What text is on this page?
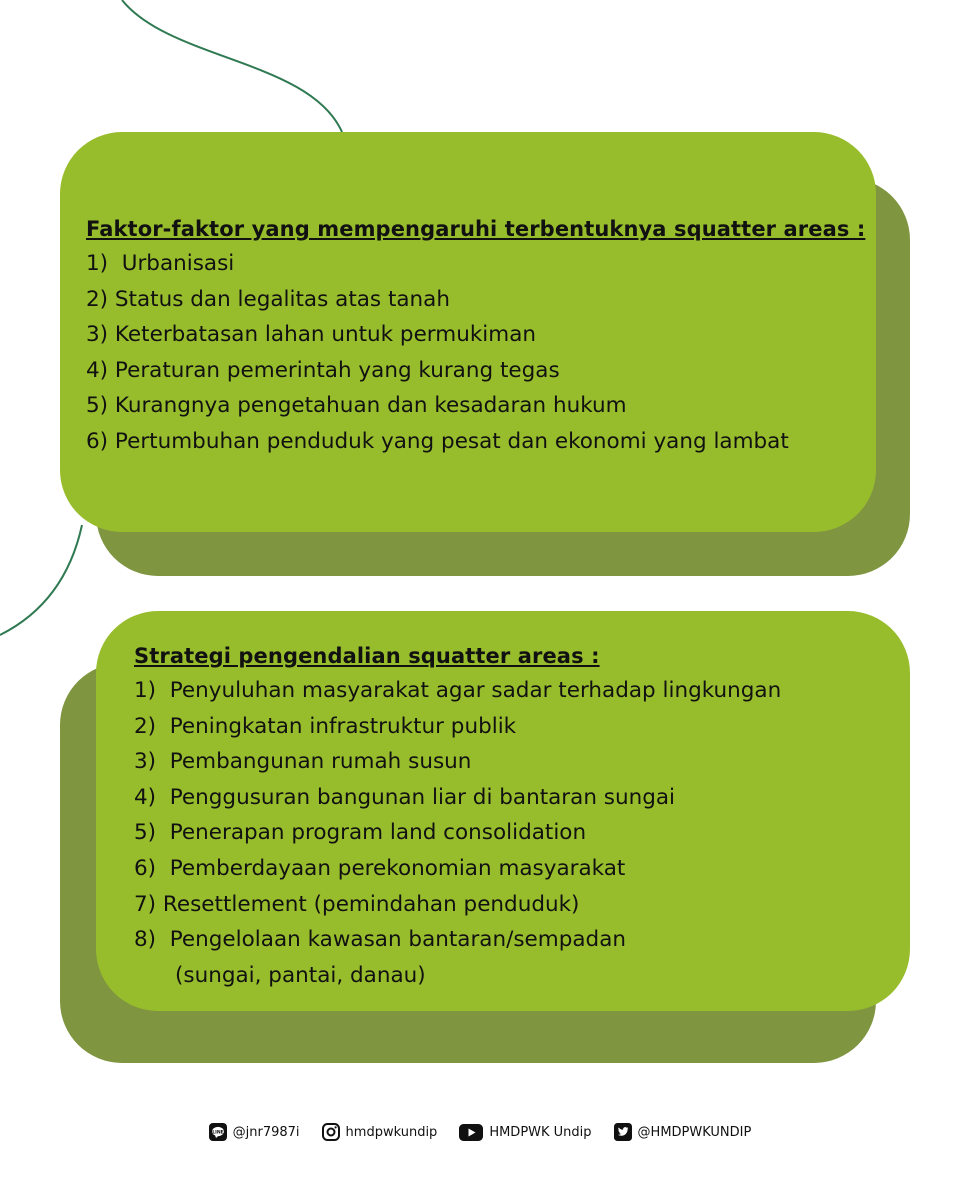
Faktor-faktor yang mempengaruhi terbentuknya squatter areas :
1)  Urbanisasi
2) Status dan legalitas atas tanah
3) Keterbatasan lahan untuk permukiman
4) Peraturan pemerintah yang kurang tegas
5) Kurangnya pengetahuan dan kesadaran hukum
6) Pertumbuhan penduduk yang pesat dan ekonomi yang lambat
Strategi pengendalian squatter areas :
1)  Penyuluhan masyarakat agar sadar terhadap lingkungan
2)  Peningkatan infrastruktur publik
3)  Pembangunan rumah susun
4)  Penggusuran bangunan liar di bantaran sungai
5)  Penerapan program land consolidation
6)  Pemberdayaan perekonomian masyarakat
7) Resettlement (pemindahan penduduk)
8)  Pengelolaan kawasan bantaran/sempadan
(sungai, pantai, danau)
LINE @jnr7987i	hmdpwkundip	HMDPWK Undip	@HMDPWKUNDIP
